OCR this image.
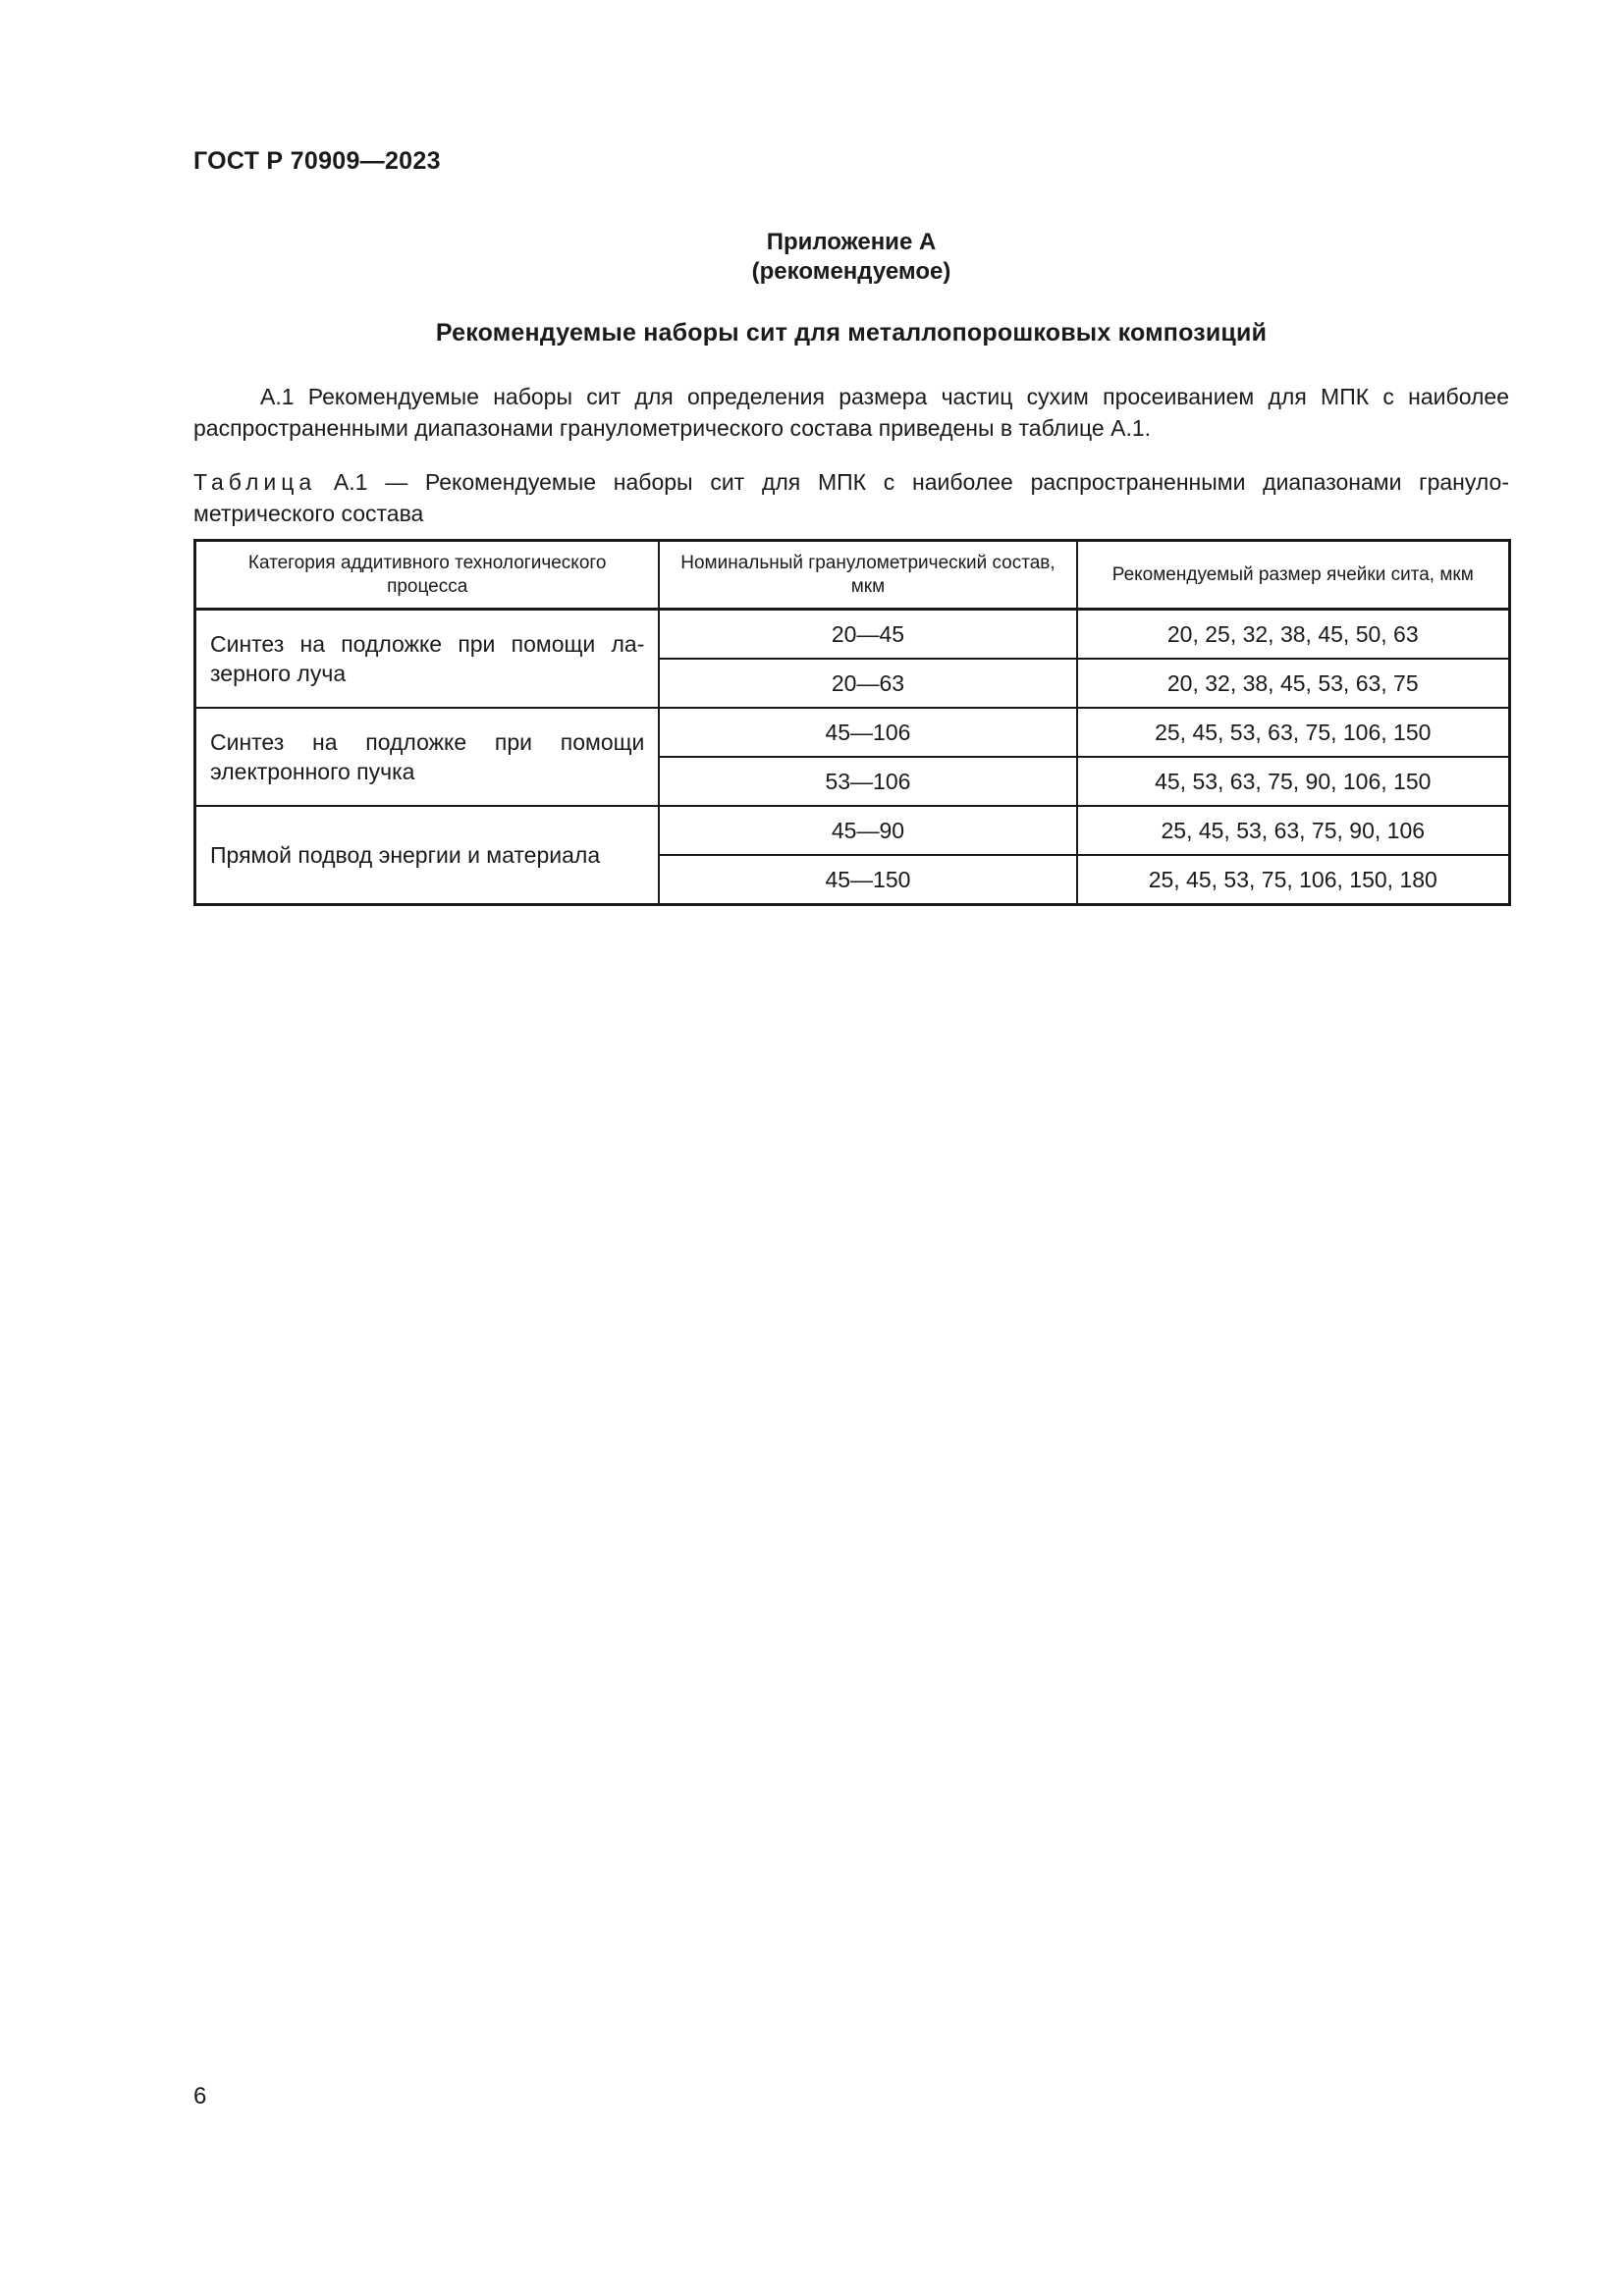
ГОСТ Р 70909—2023
Приложение А
(рекомендуемое)
Рекомендуемые наборы сит для металлопорошковых композиций
А.1 Рекомендуемые наборы сит для определения размера частиц сухим просеиванием для МПК с наиболее распространенными диапазонами гранулометрического состава приведены в таблице А.1.
Таблица А.1 — Рекомендуемые наборы сит для МПК с наиболее распространенными диапазонами гранулометрического состава
Категория аддитивного технологического процесса	Номинальный гранулометрический состав, мкм	Рекомендуемый размер ячейки сита, мкм
Синтез на подложке при помощи лазерного луча	20—45	20, 25, 32, 38, 45, 50, 63
	20—63	20, 32, 38, 45, 53, 63, 75
Синтез на подложке при помощи электронного пучка	45—106	25, 45, 53, 63, 75, 106, 150
	53—106	45, 53, 63, 75, 90, 106, 150
Прямой подвод энергии и материала	45—90	25, 45, 53, 63, 75, 90, 106
	45—150	25, 45, 53, 75, 106, 150, 180
6
